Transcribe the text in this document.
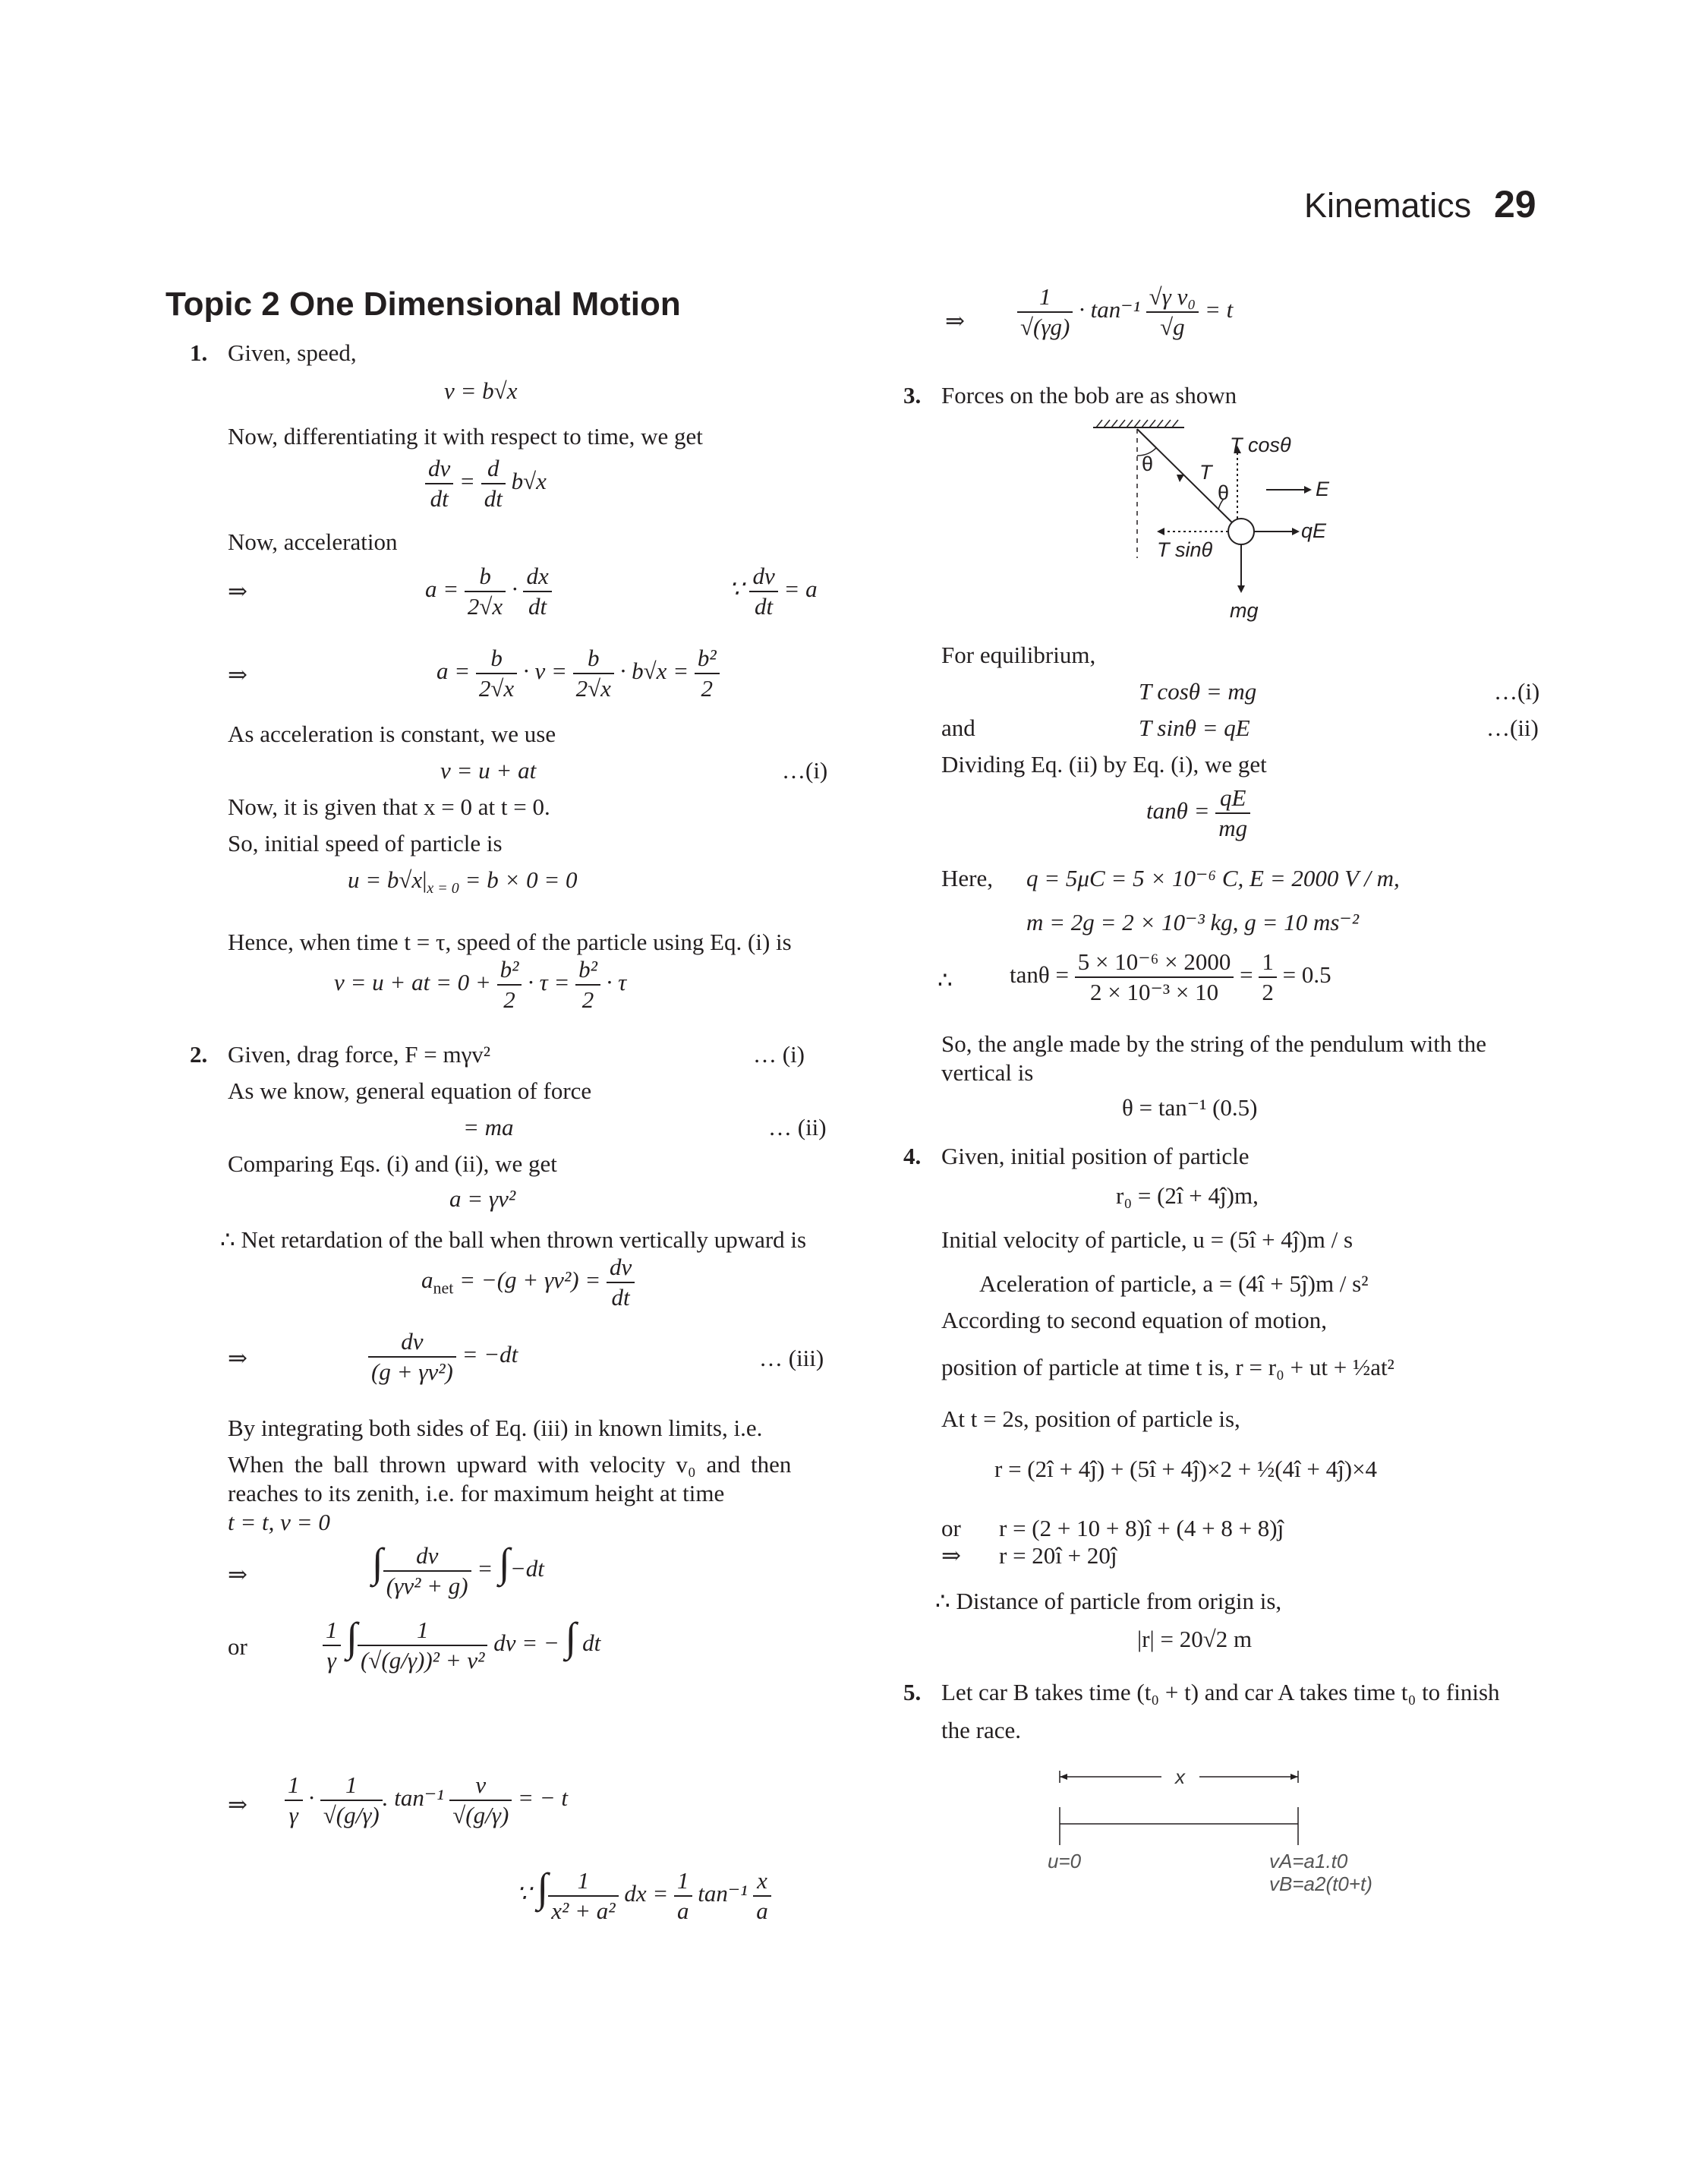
Kinematics 29
Topic 2 One Dimensional Motion
1. Given, speed,
v = b√x
Now, differentiating it with respect to time, we get
$\frac{dv}{dt} = \frac{d}{dt} b√x$
Now, acceleration
⇒	$a = \frac{b}{2√x} \cdot \frac{dx}{dt}$	∵ $\frac{dv}{dt} = a$
⇒	$a = \frac{b}{2√x} \cdot v = \frac{b}{2√x} \cdot b√x = \frac{\text{b²}}{2}$
As acceleration is constant, we use
v = u + at	…(i)
Now, it is given that x = 0 at t = 0.
So, initial speed of particle is
$u = b√x|_{x = 0} = b \times 0 = 0$
Hence, when time t = τ, speed of the particle using Eq. (i) is
v = u + at = $0 + \frac{\text{b²}}{2} \cdot \tau = \frac{\text{b²}}{2} \cdot \tau$
2. Given, drag force, F = mγv²	… (i)
As we know, general equation of force
= ma	… (ii)
Comparing Eqs. (i) and (ii), we get
a = γv²
∴ Net retardation of the ball when thrown vertically upward is
$a_{net} = -(g + \gamma v^2) = \frac{dv}{dt}$
⇒	$\frac{dv}{\text{(g + γv²)}} = -dt$	… (iii)
By integrating both sides of Eq. (iii) in known limits, i.e.
When the ball thrown upward with velocity v₀ and then
reaches to its zenith, i.e. for maximum height at time
t = t, v = 0
⇒	∫ $\frac{dv}{\text{(γv² + g)}} = \int-dt$
or	$\frac{1}{\gamma}$ ∫ $\frac{1}{\text{(√(g/γ))² + v²}}$ dv = − ∫ dt
⇒ $\frac{1}{\gamma} \cdot \frac{1}{√(g/\gamma)}$ . $\tan^{-1} \frac{v}{√(g/\gamma)}$ = − t
∵ ∫ $\frac{1}{\text{x² + a²}}$ dx = $\frac{1}{a} \tan^{-1} \frac{x}{a}$
⇒ $\frac{1}{√(\gamma g)} \cdot \tan^{-1} \frac{\text{√γ v₀}}{√g} = t$
3. Forces on the bob are as shown
T cosθ
θ T
θ	E
qE
T sinθ
mg
For equilibrium,
T cosθ = mg	…(i)
and	T sinθ = qE	…(ii)
Dividing Eq. (ii) by Eq. (i), we get
$\tan\theta = \frac{qE}{mg}$
Here, q = 5μC = 5 × 10⁻⁶ C, E = 2000 V / m,
m = 2g = 2 × 10⁻³ kg, g = 10 ms⁻²
∴ $\tan\theta = \frac{\text{5 × 10⁻⁶ × 2000}}{\text{2 × 10⁻³ × 10}} = \frac{1}{2} = 0.5$
So, the angle made by the string of the pendulum with the
vertical is
θ = tan⁻¹ (0.5)
4. Given, initial position of particle
r₀ = (2î + 4ĵ)m,
Initial velocity of particle, u = (5î + 4ĵ)m / s
Aceleration of particle, a = (4î + 5ĵ)m / s²
According to second equation of motion,
position of particle at time t is, r = r₀ + ut + ½at²
At t = 2s, position of particle is,
r = (2î + 4ĵ) + (5î + 4ĵ)×2 + ½(4î + 4ĵ)×4
or r = (2 + 10 + 8)î + (4 + 8 + 8)ĵ
⇒ r = 20î + 20ĵ
∴ Distance of particle from origin is,
|r| = 20√2 m
5. Let car B takes time (t₀ + t) and car A takes time t₀ to finish
the race.
x
u=0	vA=a1.t0
vB=a2(t0+t)
